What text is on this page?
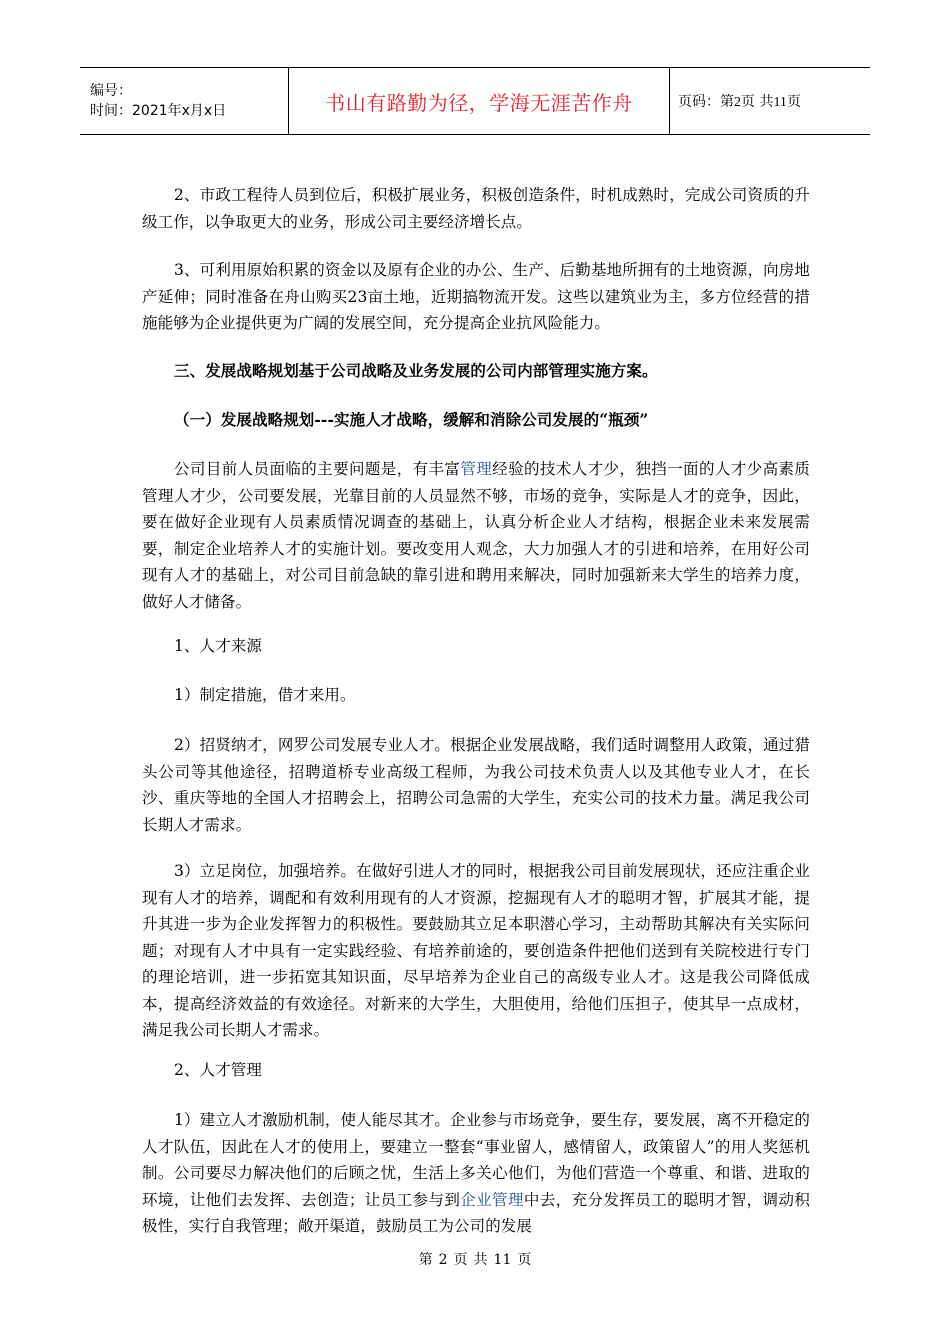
编号：
时间：2021年x月x日	书山有路勤为径，学海无涯苦作舟	页码：第2页 共11页

2、市政工程待人员到位后，积极扩展业务，积极创造条件，时机成熟时，完成公司资质的升级工作，以争取更大的业务，形成公司主要经济增长点。

3、可利用原始积累的资金以及原有企业的办公、生产、后勤基地所拥有的土地资源，向房地产延伸；同时准备在舟山购买23亩土地，近期搞物流开发。这些以建筑业为主，多方位经营的措施能够为企业提供更为广阔的发展空间，充分提高企业抗风险能力。

三、发展战略规划基于公司战略及业务发展的公司内部管理实施方案。

（一）发展战略规划---实施人才战略，缓解和消除公司发展的“瓶颈”

公司目前人员面临的主要问题是，有丰富管理经验的技术人才少，独挡一面的人才少高素质管理人才少，公司要发展，光靠目前的人员显然不够，市场的竞争，实际是人才的竞争，因此，要在做好企业现有人员素质情况调查的基础上，认真分析企业人才结构，根据企业未来发展需要，制定企业培养人才的实施计划。要改变用人观念，大力加强人才的引进和培养，在用好公司现有人才的基础上，对公司目前急缺的靠引进和聘用来解决，同时加强新来大学生的培养力度，做好人才储备。

1、人才来源

1）制定措施，借才来用。

2）招贤纳才，网罗公司发展专业人才。根据企业发展战略，我们适时调整用人政策，通过猎头公司等其他途径，招聘道桥专业高级工程师，为我公司技术负责人以及其他专业人才，在长沙、重庆等地的全国人才招聘会上，招聘公司急需的大学生，充实公司的技术力量。满足我公司长期人才需求。

3）立足岗位，加强培养。在做好引进人才的同时，根据我公司目前发展现状，还应注重企业现有人才的培养，调配和有效利用现有的人才资源，挖掘现有人才的聪明才智，扩展其才能，提升其进一步为企业发挥智力的积极性。要鼓励其立足本职潜心学习，主动帮助其解决有关实际问题；对现有人才中具有一定实践经验、有培养前途的，要创造条件把他们送到有关院校进行专门的理论培训，进一步拓宽其知识面，尽早培养为企业自己的高级专业人才。这是我公司降低成本，提高经济效益的有效途径。对新来的大学生，大胆使用，给他们压担子，使其早一点成材，满足我公司长期人才需求。

2、人才管理

1）建立人才激励机制，使人能尽其才。企业参与市场竞争，要生存，要发展，离不开稳定的人才队伍，因此在人才的使用上，要建立一整套“事业留人，感情留人，政策留人”的用人奖惩机制。公司要尽力解决他们的后顾之忧，生活上多关心他们，为他们营造一个尊重、和谐、进取的环境，让他们去发挥、去创造；让员工参与到企业管理中去，充分发挥员工的聪明才智，调动积极性，实行自我管理；敞开渠道，鼓励员工为公司的发展

第 2 页 共 11 页
